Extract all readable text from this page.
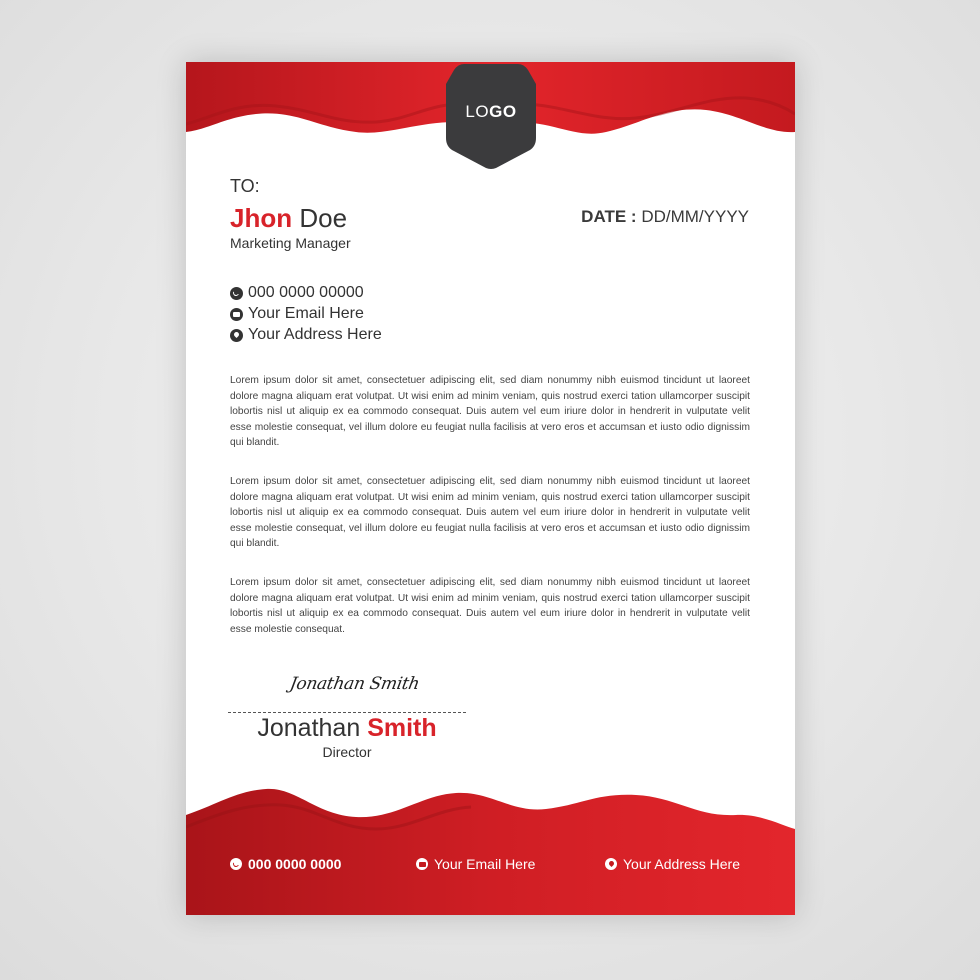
LOGO
TO:
Jhon Doe
Marketing Manager
DATE : DD/MM/YYYY
000 0000 00000
Your Email Here
Your Address Here

Lorem ipsum dolor sit amet, consectetuer adipiscing elit, sed diam nonummy nibh euismod tincidunt ut laoreet dolore magna aliquam erat volutpat. Ut wisi enim ad minim veniam, quis nostrud exerci tation ullamcorper suscipit lobortis nisl ut aliquip ex ea commodo consequat. Duis autem vel eum iriure dolor in hendrerit in vulputate velit esse molestie consequat, vel illum dolore eu feugiat nulla facilisis at vero eros et accumsan et iusto odio dignissim qui blandit.

Lorem ipsum dolor sit amet, consectetuer adipiscing elit, sed diam nonummy nibh euismod tincidunt ut laoreet dolore magna aliquam erat volutpat. Ut wisi enim ad minim veniam, quis nostrud exerci tation ullamcorper suscipit lobortis nisl ut aliquip ex ea commodo consequat. Duis autem vel eum iriure dolor in hendrerit in vulputate velit esse molestie consequat, vel illum dolore eu feugiat nulla facilisis at vero eros et accumsan et iusto odio dignissim qui blandit.

Lorem ipsum dolor sit amet, consectetuer adipiscing elit, sed diam nonummy nibh euismod tincidunt ut laoreet dolore magna aliquam erat volutpat. Ut wisi enim ad minim veniam, quis nostrud exerci tation ullamcorper suscipit lobortis nisl ut aliquip ex ea commodo consequat. Duis autem vel eum iriure dolor in hendrerit in vulputate velit esse molestie consequat.

Jonathan Smith
Jonathan Smith
Director
000 0000 0000	Your Email Here	Your Address Here
